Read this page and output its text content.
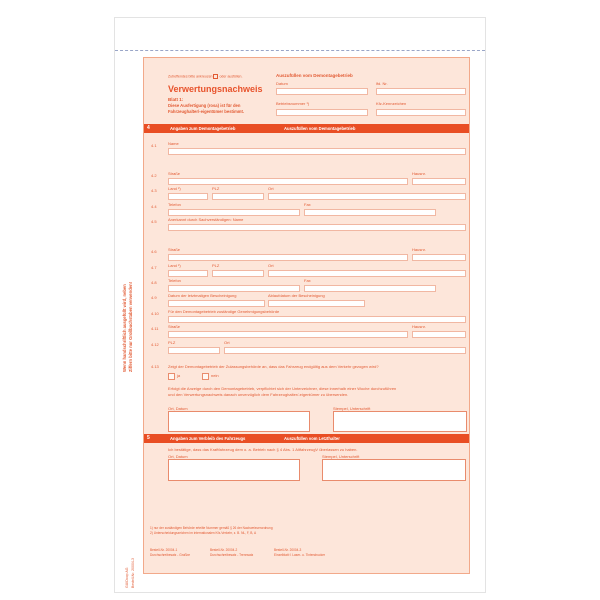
Zutreffendes bitte ankreuzen oder ausfüllen.
Verwertungsnachweis
Blatt 1:
Diese Ausfertigung (rosa) ist für den
Fahrzeughalter/-eigentümer bestimmt.
Auszufüllen vom Demontagebetrieb
Datum	lfd. Nr.
Betriebsnummer ¹)	Kfz-Kennzeichen
4	Angaben zum Demontagebetrieb	Auszufüllen vom Demontagebetrieb
4.1	Name
4.2	Straße	Hausnr.
4.3	Land ²)	PLZ	Ort
4.4	Telefon	Fax
4.5	Anerkannt durch Sachverständigen: Name
4.6	Straße	Hausnr.
4.7	Land ²)	PLZ	Ort
4.8	Telefon	Fax
4.9	Datum der letztmaligen Bescheinigung	Ablaufdatum der Bescheinigung
4.10 Für den Demontagebetrieb zuständige Genehmigungsbehörde
4.11 Straße	Hausnr.
4.12 PLZ	Ort
4.13 Zeigt der Demontagebetrieb der Zulassungsbehörde an, dass das Fahrzeug endgültig aus dem Verkehr gezogen wird?
ja	nein
Erfolgt die Anzeige durch den Demontagebetrieb, verpflichtet sich der Unterzeichner, diese innerhalb einer Woche durchzuführen
und den Verwertungsnachweis danach unverzüglich dem Fahrzeughalter/-eigentümer zu übersenden.
Ort, Datum	Stempel, Unterschrift
5	Angaben zum Verbleib des Fahrzeugs	Auszufüllen vom Letzthalter
Ich bestätige, dass das Kraftfahrzeug dem o. a. Betrieb nach § 4 Abs. 1 AltfahrzeugV überlassen zu haben.
Ort, Datum	Stempel, Unterschrift
1) nur der zuständigen Behörde erteilte Nummer gemäß § 26 der Nachweisverordnung
2) Unterscheidungszeichen im internationalen Kfz-Verkehr, z. B. NL, F, B, A
Bestell-Nr. 20004-1
Durchschreibesatz - Großbe
Bestell-Nr. 20004-2
Durchschreibesatz - Trennsatz
Bestell-Nr. 20004-3
Einzelblatt f. Laser- u. Tintendrucker
Wenn handschriftlich ausgefüllt wird, neben Ziffern bitte nur Großbuchstaben verwenden!
GUIDoop AG Bestell-Nr. 20004-3
